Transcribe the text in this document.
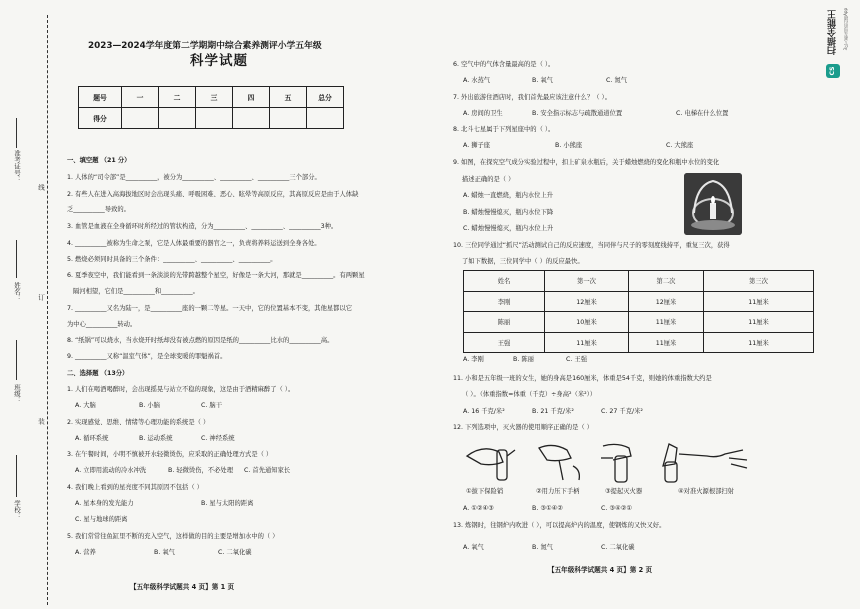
准考证号：
线
姓名： 订
班级：
装
学校：
2023—2024学年度第二学期期中综合素养测评小学五年级
科学试题
题号	一	二	三	四	五	总分
得分						
一、填空题 （21 分）
1. 人体的“司令部”是__________，被分为__________、__________、__________三个部分。
2. 有些人在进入高海拔地区时会出现头痛、呼吸困难、恶心、眩晕等高原反应，其高原反应是由于人体缺
乏__________导致的。
3. 血管是血液在全身循环时所经过的管状构造，分为__________、__________、__________3种。
4. __________被称为生命之泵，它是人体最重要的器官之一，负责将养料运送到全身各处。
5. 燃烧必须同时具备的三个条件：__________、__________、__________。
6. 夏季夜空中，我们能看到一条淡淡的光带跨越整个星空，好像是一条大河，那就是__________。有两颗星
隔河相望，它们是__________和__________。
7. __________又名为陆一，是__________座的一颗二等星。一天中，它的位置基本不变，其他星都以它
为中心__________转动。
8. “纸锅”可以烧水，当水烧开时纸却没有被点燃的原因是纸的__________比水的__________高。
9. __________又称“温室气体”，是全球变暖的罪魁祸首。
二、选择题 （13分）
1. 人们在喝酒喝醉时，会出现摇晃与站立不稳的现象，这是由于酒精麻醉了（ ）。
A. 大脑	B. 小脑	C. 脑干
2. 实现感觉、思维、情绪等心理功能的系统是（ ）
A. 循环系统	B. 运动系统	C. 神经系统
3. 在午餐时间，小明不慎被开水轻微烫伤，应采取的正确处理方式是（ ）
A. 立即用流动的冷水冲洗	B. 轻微烫伤，不必处理 C. 首先通知家长
4. 我们晚上看到的星亮度不同其原因不包括（ ）
A. 星本身的发光能力	B. 星与太阳的距离
C. 星与地球的距离
5. 我们常常往鱼缸里不断的充入空气，这样做的目的主要是增加水中的（ ）
A. 营养	B. 氧气	C. 二氧化碳
【五年级科学试题共 4 页】第 1 页
6. 空气中的气体含量最高的是（ ）。
A. 水蒸气	B. 氧气	C. 氮气
7. 外出旅游住酒店时，我们首先最应该注意什么？（ ）。
A. 房间的卫生	B. 安全指示标志与疏散通道位置	C. 电梯在什么位置
8. 北斗七星属于下列星座中的（ ）。
A. 狮子座	B. 小熊座	C. 大熊座
9. 如图，在探究空气成分实验过程中，扣上矿泉水瓶后，关于蜡烛燃烧的变化和瓶中水位的变化
描述正确的是（ ）
A. 蜡烛一直燃烧，瓶内水位上升
B. 蜡烛慢慢熄灭，瓶内水位下降
C. 蜡烛慢慢熄灭，瓶内水位上升
10. 三位同学通过“抓尺”活动测试自己的反应速度，当同伴与尺子的零刻度线持平，重复三次，获得
了如下数据，三位同学中（ ）的反应最快。
姓名	第一次	第二次	第三次
李刚	12厘米	12厘米	11厘米
陈丽	10厘米	11厘米	11厘米
王强	11厘米	11厘米	11厘米
A. 李刚	B. 陈丽	C. 王强
11. 小和是五年级一班的女生，她的身高是160厘米，体重是54千克，则她的体重指数大约是
（ ）。（体重指数=体重（千克）÷身高²（米²））
A. 16 千克/米²	B. 21 千克/米²	C. 27 千克/米²
12. 下列选项中，灭火器的使用顺序正确的是（ ）
①拔下保险销	②用力压下手柄	③提起灭火器	④对准火源根部扫射
A. ①②④③	B. ③①④②	C. ③④②①
13. 炼钢时，往钢炉内吹进（ ），可以提高炉内的温度，使钢炼的又快又好。
A. 氧气	B. 氮气	C. 二氧化碳
【五年级科学试题共 4 页】第 2 页
CS
扫描全能王 3亿人都在用的扫描App
